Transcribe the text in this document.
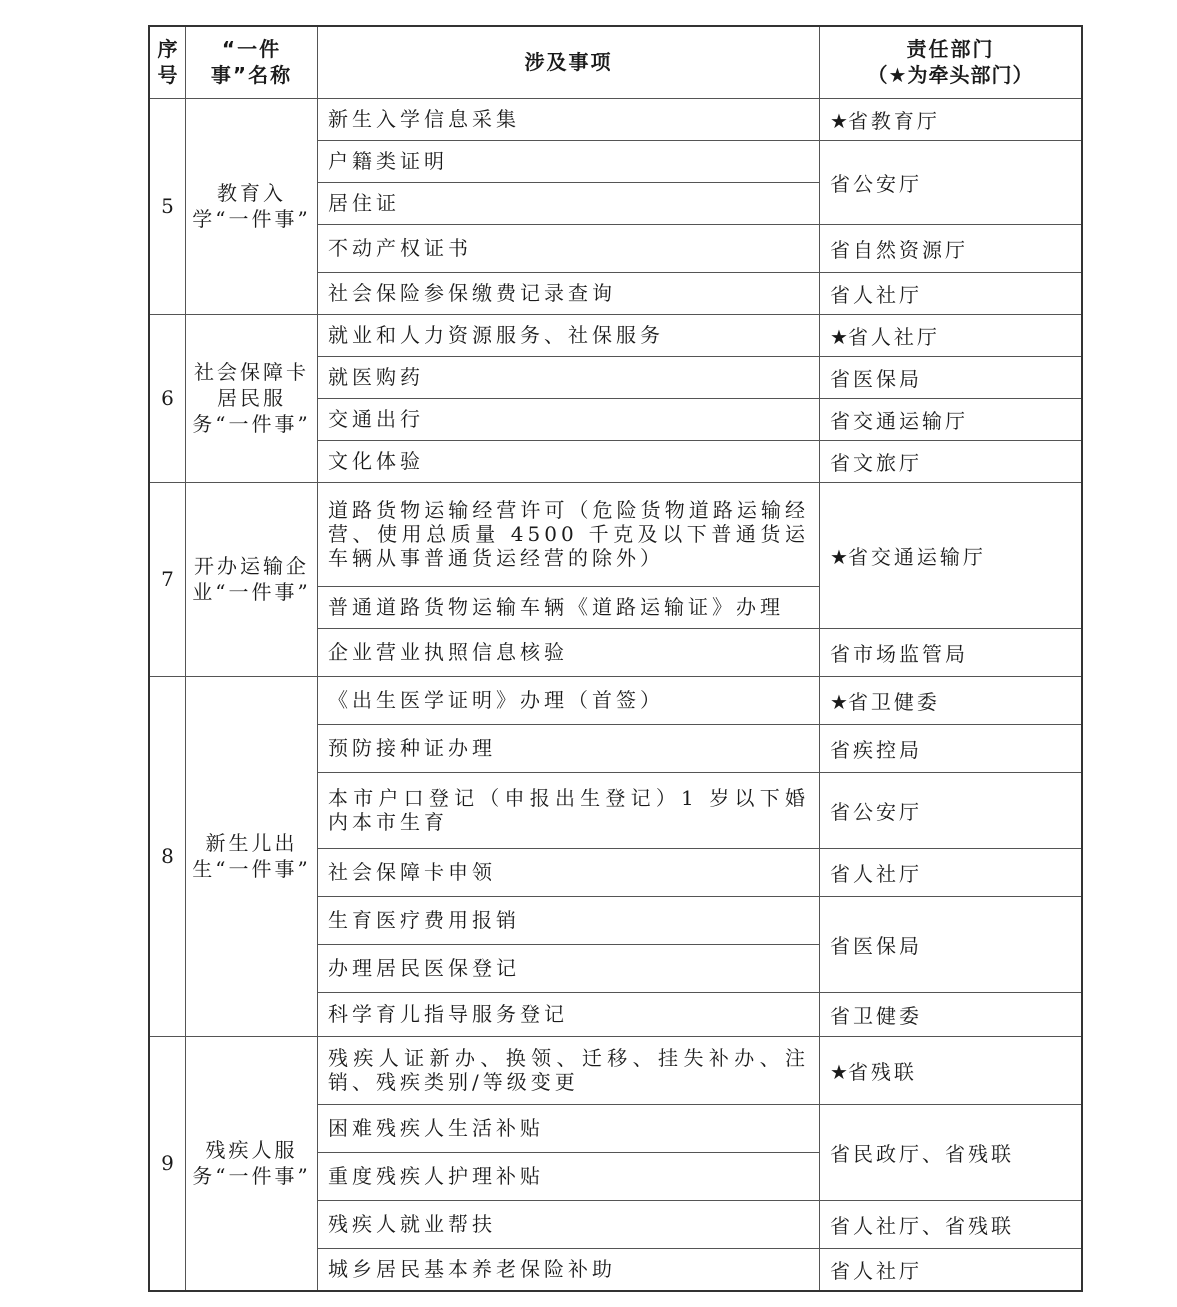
序号	“一件事”名称	涉及事项	责任部门
（★为牵头部门）

5	教育入学“一件事”	新生入学信息采集	★省教育厅
		户籍类证明	省公安厅
		居住证	
		不动产权证书	省自然资源厅
		社会保险参保缴费记录查询	省人社厅
6	社会保障卡居民服务“一件事”	就业和人力资源服务、社保服务	★省人社厅
		就医购药	省医保局
		交通出行	省交通运输厅
		文化体验	省文旅厅
7	开办运输企业“一件事”	道路货物运输经营许可（危险货物道路运输经营、使用总质量 4500 千克及以下普通货运车辆从事普通货运经营的除外）	★省交通运输厅
		普通道路货物运输车辆《道路运输证》办理	
		企业营业执照信息核验	省市场监管局
8	新生儿出生“一件事”	《出生医学证明》办理（首签）	★省卫健委
		预防接种证办理	省疾控局
		本市户口登记（申报出生登记）1 岁以下婚内本市生育	省公安厅
		社会保障卡申领	省人社厅
		生育医疗费用报销	省医保局
		办理居民医保登记	
		科学育儿指导服务登记	省卫健委
9	残疾人服务“一件事”	残疾人证新办、换领、迁移、挂失补办、注销、残疾类别/等级变更	★省残联
		困难残疾人生活补贴	省民政厅、省残联
		重度残疾人护理补贴	
		残疾人就业帮扶	省人社厅、省残联
		城乡居民基本养老保险补助	省人社厅
